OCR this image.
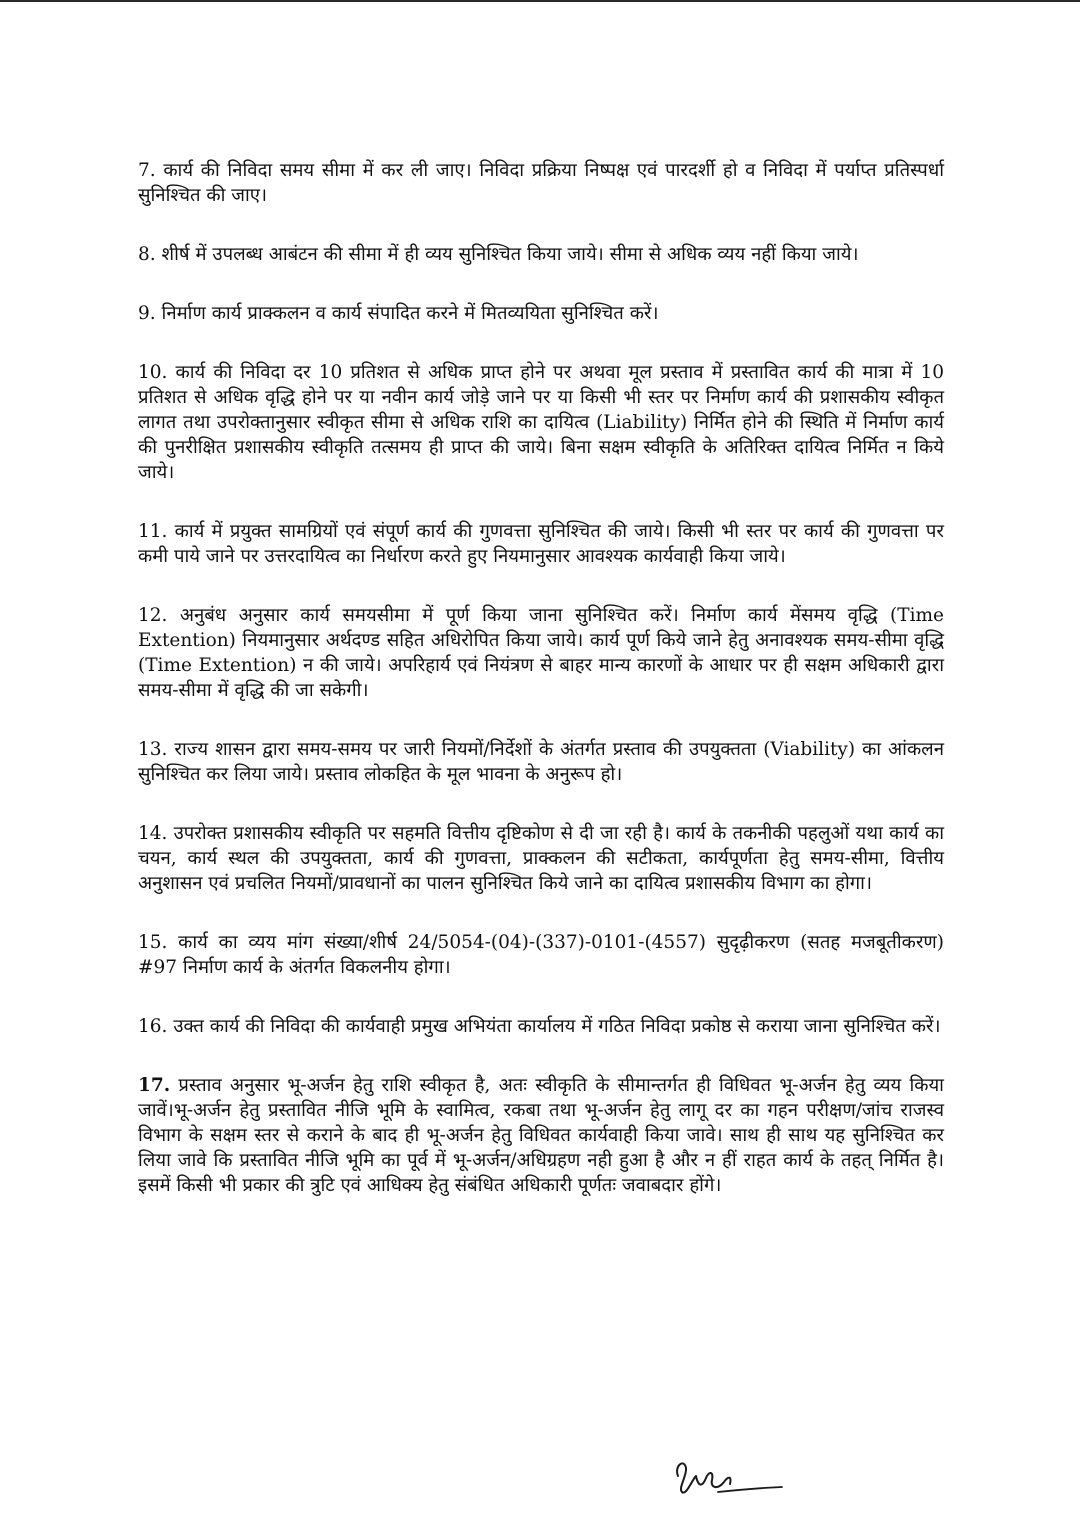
7. कार्य की निविदा समय सीमा में कर ली जाए। निविदा प्रक्रिया निष्पक्ष एवं पारदर्शी हो व निविदा में पर्याप्त प्रतिस्पर्धा सुनिश्चित की जाए।

8. शीर्ष में उपलब्ध आबंटन की सीमा में ही व्यय सुनिश्चित किया जाये। सीमा से अधिक व्यय नहीं किया जाये।

9. निर्माण कार्य प्राक्कलन व कार्य संपादित करने में मितव्ययिता सुनिश्चित करें।

10. कार्य की निविदा दर 10 प्रतिशत से अधिक प्राप्त होने पर अथवा मूल प्रस्ताव में प्रस्तावित कार्य की मात्रा में 10 प्रतिशत से अधिक वृद्धि होने पर या नवीन कार्य जोड़े जाने पर या किसी भी स्तर पर निर्माण कार्य की प्रशासकीय स्वीकृत लागत तथा उपरोक्तानुसार स्वीकृत सीमा से अधिक राशि का दायित्व (Liability) निर्मित होने की स्थिति में निर्माण कार्य की पुनरीक्षित प्रशासकीय स्वीकृति तत्समय ही प्राप्त की जाये। बिना सक्षम स्वीकृति के अतिरिक्त दायित्व निर्मित न किये जाये।

11. कार्य में प्रयुक्त सामग्रियों एवं संपूर्ण कार्य की गुणवत्ता सुनिश्चित की जाये। किसी भी स्तर पर कार्य की गुणवत्ता पर कमी पाये जाने पर उत्तरदायित्व का निर्धारण करते हुए नियमानुसार आवश्यक कार्यवाही किया जाये।

12. अनुबंध अनुसार कार्य समयसीमा में पूर्ण किया जाना सुनिश्चित करें। निर्माण कार्य मेंसमय वृद्धि (Time Extention) नियमानुसार अर्थदण्ड सहित अधिरोपित किया जाये। कार्य पूर्ण किये जाने हेतु अनावश्यक समय-सीमा वृद्धि (Time Extention) न की जाये। अपरिहार्य एवं नियंत्रण से बाहर मान्य कारणों के आधार पर ही सक्षम अधिकारी द्वारा समय-सीमा में वृद्धि की जा सकेगी।

13. राज्य शासन द्वारा समय-समय पर जारी नियमों/निर्देशों के अंतर्गत प्रस्ताव की उपयुक्तता (Viability) का आंकलन सुनिश्चित कर लिया जाये। प्रस्ताव लोकहित के मूल भावना के अनुरूप हो।

14. उपरोक्त प्रशासकीय स्वीकृति पर सहमति वित्तीय दृष्टिकोण से दी जा रही है। कार्य के तकनीकी पहलुओं यथा कार्य का चयन, कार्य स्थल की उपयुक्तता, कार्य की गुणवत्ता, प्राक्कलन की सटीकता, कार्यपूर्णता हेतु समय-सीमा, वित्तीय अनुशासन एवं प्रचलित नियमों/प्रावधानों का पालन सुनिश्चित किये जाने का दायित्व प्रशासकीय विभाग का होगा।

15. कार्य का व्यय मांग संख्या/शीर्ष 24/5054-(04)-(337)-0101-(4557) सुदृढ़ीकरण (सतह मजबूतीकरण) #97 निर्माण कार्य के अंतर्गत विकलनीय होगा।

16. उक्त कार्य की निविदा की कार्यवाही प्रमुख अभियंता कार्यालय में गठित निविदा प्रकोष्ठ से कराया जाना सुनिश्चित करें।

17. प्रस्ताव अनुसार भू-अर्जन हेतु राशि स्वीकृत है, अतः स्वीकृति के सीमान्तर्गत ही विधिवत भू-अर्जन हेतु व्यय किया जावें।भू-अर्जन हेतु प्रस्तावित नीजि भूमि के स्वामित्व, रकबा तथा भू-अर्जन हेतु लागू दर का गहन परीक्षण/जांच राजस्व विभाग के सक्षम स्तर से कराने के बाद ही भू-अर्जन हेतु विधिवत कार्यवाही किया जावे। साथ ही साथ यह सुनिश्चित कर लिया जावे कि प्रस्तावित नीजि भूमि का पूर्व में भू-अर्जन/अधिग्रहण नही हुआ है और न हीं राहत कार्य के तहत् निर्मित है। इसमें किसी भी प्रकार की त्रुटि एवं आधिक्य हेतु संबंधित अधिकारी पूर्णतः जवाबदार होंगे।
